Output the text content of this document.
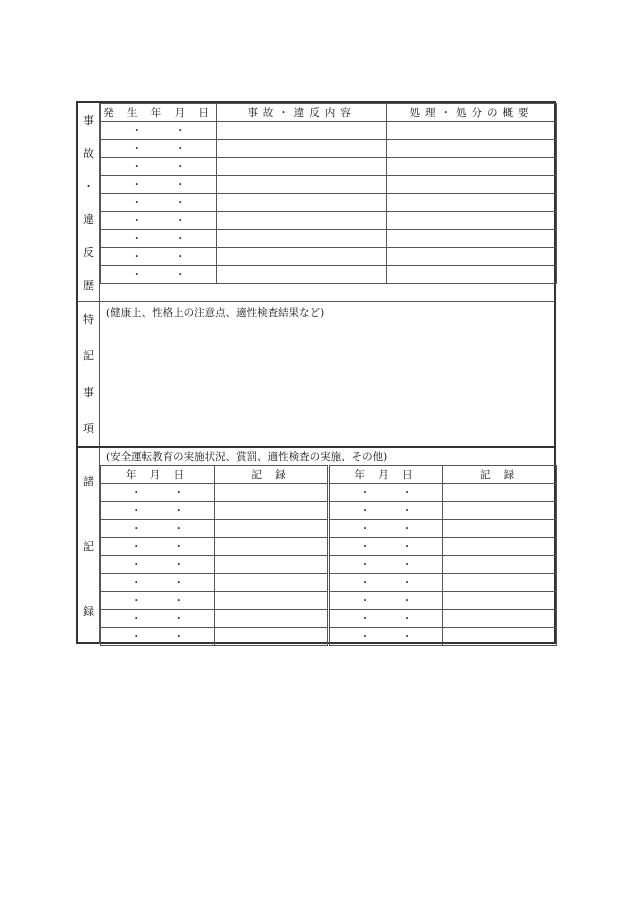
事
故
・
違
反
歴
発 生 年 月 日	事故・違反内容	処理・処分の概要

・ ・		

・ ・		

・ ・		

・ ・		

・ ・		

・ ・		

・ ・		

・ ・		

・ ・		

特
記
事
項
(健康上、性格上の注意点、適性検査結果など)
諸
記
録
(安全運転教育の実施状況、賞罰、適性検査の実施、その他)
年 月 日	記 録	年 月 日	記 録

・ ・		・ ・	

・ ・		・ ・	

・ ・		・ ・	

・ ・		・ ・	

・ ・		・ ・	

・ ・		・ ・	

・ ・		・ ・	

・ ・		・ ・	

・ ・		・ ・	
